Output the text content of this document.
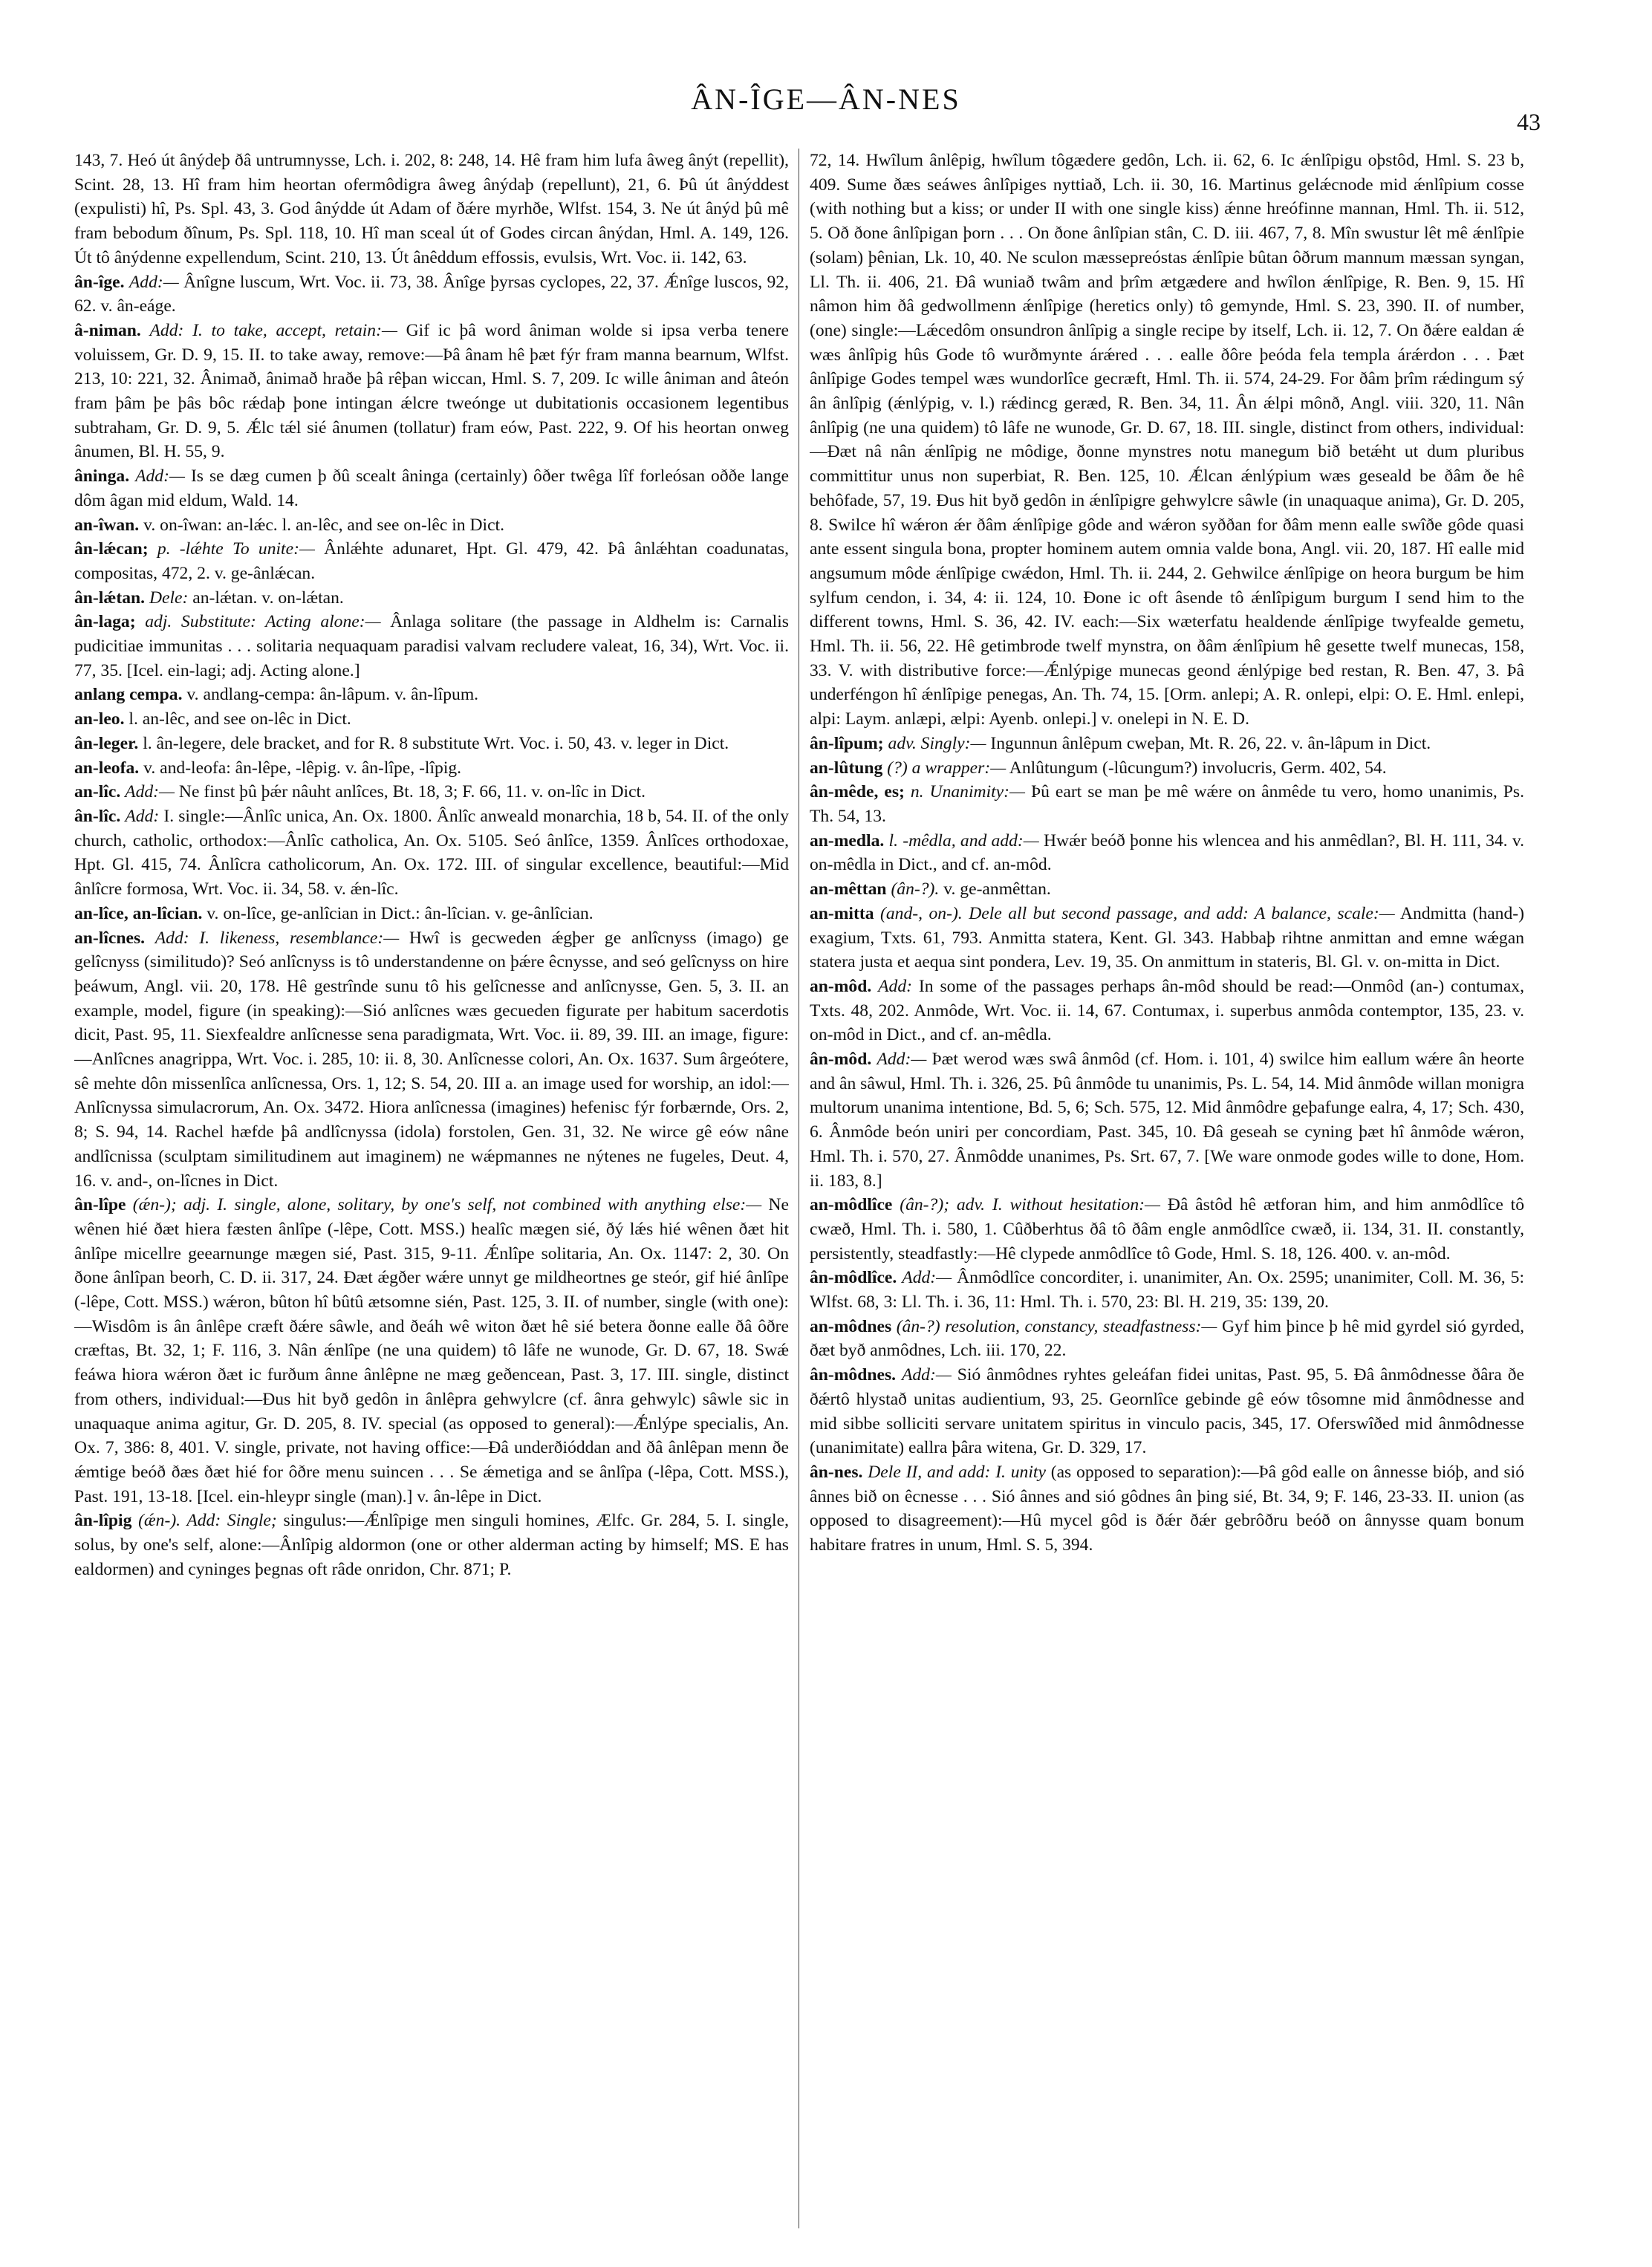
ÂN-ÎGE—ÂN-NES
43

143, 7. Heó út ânýdeþ ðâ untrumnysse, Lch. i. 202, 8: 248, 14. Hê fram him lufa âweg ânýt (repellit), Scint. 28, 13. Hî fram him heortan ofermôdigra âweg ânýdaþ (repellunt), 21, 6. Þû út ânýddest (expulisti) hî, Ps. Spl. 43, 3. God ânýdde út Adam of ðǽre myrhðe, Wlfst. 154, 3. Ne út ânýd þû mê fram bebodum ðînum, Ps. Spl. 118, 10. Hî man sceal út of Godes circan ânýdan, Hml. A. 149, 126. Út tô ânýdenne expellendum, Scint. 210, 13. Út ânêddum effossis, evulsis, Wrt. Voc. ii. 142, 63.

ân-îge. Add:— Ânîgne luscum, Wrt. Voc. ii. 73, 38. Ânîge þyrsas cyclopes, 22, 37. Ǽnîge luscos, 92, 62. v. ân-eáge.

â-niman. Add: I. to take, accept, retain:— Gif ic þâ word âniman wolde si ipsa verba tenere voluissem, Gr. D. 9, 15. II. to take away, remove:—Þâ ânam hê þæt fýr fram manna bearnum, Wlfst. 213, 10: 221, 32. Ânimað, ânimað hraðe þâ rêþan wiccan, Hml. S. 7, 209. Ic wille âniman and âteón fram þâm þe þâs bôc rǽdaþ þone intingan ǽlcre tweónge ut dubitationis occasionem legentibus subtraham, Gr. D. 9, 5. Ǽlc tǽl sié ânumen (tollatur) fram eów, Past. 222, 9. Of his heortan onweg ânumen, Bl. H. 55, 9.

âninga. Add:— Is se dæg cumen þ ðû scealt âninga (certainly) ôðer twêga lîf forleósan oððe lange dôm âgan mid eldum, Wald. 14.

an-îwan. v. on-îwan: an-lǽc. l. an-lêc, and see on-lêc in Dict.

ân-lǽcan; p. -lǽhte To unite:— Ânlǽhte adunaret, Hpt. Gl. 479, 42. Þâ ânlǽhtan coadunatas, compositas, 472, 2. v. ge-ânlǽcan.

ân-lǽtan. Dele: an-lǽtan. v. on-lǽtan.

ân-laga; adj. Substitute: Acting alone:— Ânlaga solitare (the passage in Aldhelm is: Carnalis pudicitiae immunitas . . . solitaria nequaquam paradisi valvam recludere valeat, 16, 34), Wrt. Voc. ii. 77, 35. [Icel. ein-lagi; adj. Acting alone.]

anlang cempa. v. andlang-cempa: ân-lâpum. v. ân-lîpum.

an-leo. l. an-lêc, and see on-lêc in Dict.

ân-leger. l. ân-legere, dele bracket, and for R. 8 substitute Wrt. Voc. i. 50, 43. v. leger in Dict.

an-leofa. v. and-leofa: ân-lêpe, -lêpig. v. ân-lîpe, -lîpig.

an-lîc. Add:— Ne finst þû þǽr nâuht anlîces, Bt. 18, 3; F. 66, 11. v. on-lîc in Dict.

ân-lîc. Add: I. single:—Ânlîc unica, An. Ox. 1800. Ânlîc anweald monarchia, 18 b, 54. II. of the only church, catholic, orthodox:—Ânlîc catholica, An. Ox. 5105. Seó ânlîce, 1359. Ânlîces orthodoxae, Hpt. Gl. 415, 74. Ânlîcra catholicorum, An. Ox. 172. III. of singular excellence, beautiful:—Mid ânlîcre formosa, Wrt. Voc. ii. 34, 58. v. ǽn-lîc.

an-lîce, an-lîcian. v. on-lîce, ge-anlîcian in Dict.: ân-lîcian. v. ge-ânlîcian.

an-lîcnes. Add: I. likeness, resemblance:— Hwî is gecweden ǽgþer ge anlîcnyss (imago) ge gelîcnyss (similitudo)? Seó anlîcnyss is tô understandenne on þǽre êcnysse, and seó gelîcnyss on hire þeáwum, Angl. vii. 20, 178. Hê gestrînde sunu tô his gelîcnesse and anlîcnysse, Gen. 5, 3. II. an example, model, figure (in speaking):—Sió anlîcnes wæs gecueden figurate per habitum sacerdotis dicit, Past. 95, 11. Siexfealdre anlîcnesse sena paradigmata, Wrt. Voc. ii. 89, 39. III. an image, figure:—Anlîcnes anagrippa, Wrt. Voc. i. 285, 10: ii. 8, 30. Anlîcnesse colori, An. Ox. 1637. Sum ârgeótere, sê mehte dôn missenlîca anlîcnessa, Ors. 1, 12; S. 54, 20. III a. an image used for worship, an idol:—Anlîcnyssa simulacrorum, An. Ox. 3472. Hiora anlîcnessa (imagines) hefenisc fýr forbærnde, Ors. 2, 8; S. 94, 14. Rachel hæfde þâ andlîcnyssa (idola) forstolen, Gen. 31, 32. Ne wirce gê eów nâne andlîcnissa (sculptam similitudinem aut imaginem) ne wǽpmannes ne nýtenes ne fugeles, Deut. 4, 16. v. and-, on-lîcnes in Dict.

ân-lîpe (ǽn-); adj. I. single, alone, solitary, by one's self, not combined with anything else:— Ne wênen hié ðæt hiera fæsten ânlîpe (-lêpe, Cott. MSS.) healîc mægen sié, ðý lǽs hié wênen ðæt hit ânlîpe micellre geearnunge mægen sié, Past. 315, 9-11. Ǽnlîpe solitaria, An. Ox. 1147: 2, 30. On ðone ânlîpan beorh, C. D. ii. 317, 24. Ðæt ǽgðer wǽre unnyt ge mildheortnes ge steór, gif hié ânlîpe (-lêpe, Cott. MSS.) wǽron, bûton hî bûtû ætsomne sién, Past. 125, 3. II. of number, single (with one):—Wisdôm is ân ânlêpe cræft ðǽre sâwle, and ðeáh wê witon ðæt hê sié betera ðonne ealle ðâ ôðre cræftas, Bt. 32, 1; F. 116, 3. Nân ǽnlîpe (ne una quidem) tô lâfe ne wunode, Gr. D. 67, 18. Swǽ feáwa hiora wǽron ðæt ic furðum ânne ânlêpne ne mæg geðencean, Past. 3, 17. III. single, distinct from others, individual:—Ðus hit byð gedôn in ânlêpra gehwylcre (cf. ânra gehwylc) sâwle sic in unaquaque anima agitur, Gr. D. 205, 8. IV. special (as opposed to general):—Ǽnlýpe specialis, An. Ox. 7, 386: 8, 401. V. single, private, not having office:—Ðâ underðióddan and ðâ ânlêpan menn ðe ǽmtige beóð ðæs ðæt hié for ôðre menu suincen . . . Se ǽmetiga and se ânlîpa (-lêpa, Cott. MSS.), Past. 191, 13-18. [Icel. ein-hleypr single (man).] v. ân-lêpe in Dict.

ân-lîpig (ǽn-). Add: Single; singulus:—Ǽnlîpige men singuli homines, Ælfc. Gr. 284, 5. I. single, solus, by one's self, alone:—Ânlîpig aldormon (one or other alderman acting by himself; MS. E has ealdormen) and cyninges þegnas oft râde onridon, Chr. 871; P.

72, 14. Hwîlum ânlêpig, hwîlum tôgædere gedôn, Lch. ii. 62, 6. Ic ǽnlîpigu oþstôd, Hml. S. 23 b, 409. Sume ðæs seáwes ânlîpiges nyttiað, Lch. ii. 30, 16. Martinus gelǽcnode mid ǽnlîpium cosse (with nothing but a kiss; or under II with one single kiss) ǽnne hreófinne mannan, Hml. Th. ii. 512, 5. Oð ðone ânlîpigan þorn . . . On ðone ânlîpian stân, C. D. iii. 467, 7, 8. Mîn swustur lêt mê ǽnlîpie (solam) þênian, Lk. 10, 40. Ne sculon mæssepreóstas ǽnlîpie bûtan ôðrum mannum mæssan syngan, Ll. Th. ii. 406, 21. Ðâ wuniað twâm and þrîm ætgædere and hwîlon ǽnlîpige, R. Ben. 9, 15. Hî nâmon him ðâ gedwollmenn ǽnlîpige (heretics only) tô gemynde, Hml. S. 23, 390. II. of number, (one) single:—Lǽcedôm onsundron ânlîpig a single recipe by itself, Lch. ii. 12, 7. On ðǽre ealdan ǽ wæs ânlîpig hûs Gode tô wurðmynte árǽred . . . ealle ðôre þeóda fela templa árǽrdon . . . Þæt ânlîpige Godes tempel wæs wundorlîce gecræft, Hml. Th. ii. 574, 24-29. For ðâm þrîm rǽdingum sý ân ânlîpig (ǽnlýpig, v. l.) rǽdincg geræd, R. Ben. 34, 11. Ân ǽlpi mônð, Angl. viii. 320, 11. Nân ânlîpig (ne una quidem) tô lâfe ne wunode, Gr. D. 67, 18. III. single, distinct from others, individual:—Ðæt nâ nân ǽnlîpig ne môdige, ðonne mynstres notu manegum bið betǽht ut dum pluribus committitur unus non superbiat, R. Ben. 125, 10. Ǽlcan ǽnlýpium wæs geseald be ðâm ðe hê behôfade, 57, 19. Ðus hit byð gedôn in ǽnlîpigre gehwylcre sâwle (in unaquaque anima), Gr. D. 205, 8. Swilce hî wǽron ǽr ðâm ǽnlîpige gôde and wǽron syððan for ðâm menn ealle swîðe gôde quasi ante essent singula bona, propter hominem autem omnia valde bona, Angl. vii. 20, 187. Hî ealle mid angsumum môde ǽnlîpige cwǽdon, Hml. Th. ii. 244, 2. Gehwilce ǽnlîpige on heora burgum be him sylfum cendon, i. 34, 4: ii. 124, 10. Ðone ic oft âsende tô ǽnlîpigum burgum I send him to the different towns, Hml. S. 36, 42. IV. each:—Six wæterfatu healdende ǽnlîpige twyfealde gemetu, Hml. Th. ii. 56, 22. Hê getimbrode twelf mynstra, on ðâm ǽnlîpium hê gesette twelf munecas, 158, 33. V. with distributive force:—Ǽnlýpige munecas geond ǽnlýpige bed restan, R. Ben. 47, 3. Þâ underféngon hî ǽnlîpige penegas, An. Th. 74, 15. [Orm. anlepi; A. R. onlepi, elpi: O. E. Hml. enlepi, alpi: Laym. anlæpi, ælpi: Ayenb. onlepi.] v. onelepi in N. E. D.

ân-lîpum; adv. Singly:— Ingunnun ânlêpum cweþan, Mt. R. 26, 22. v. ân-lâpum in Dict.

an-lûtung (?) a wrapper:— Anlûtungum (-lûcungum?) involucris, Germ. 402, 54.

ân-mêde, es; n. Unanimity:— Þû eart se man þe mê wǽre on ânmêde tu vero, homo unanimis, Ps. Th. 54, 13.

an-medla. l. -mêdla, and add:— Hwǽr beóð þonne his wlencea and his anmêdlan?, Bl. H. 111, 34. v. on-mêdla in Dict., and cf. an-môd.

an-mêttan (ân-?). v. ge-anmêttan.

an-mitta (and-, on-). Dele all but second passage, and add: A balance, scale:— Andmitta (hand-) exagium, Txts. 61, 793. Anmitta statera, Kent. Gl. 343. Habbaþ rihtne anmittan and emne wǽgan statera justa et aequa sint pondera, Lev. 19, 35. On anmittum in stateris, Bl. Gl. v. on-mitta in Dict.

an-môd. Add: In some of the passages perhaps ân-môd should be read:—Onmôd (an-) contumax, Txts. 48, 202. Anmôde, Wrt. Voc. ii. 14, 67. Contumax, i. superbus anmôda contemptor, 135, 23. v. on-môd in Dict., and cf. an-mêdla.

ân-môd. Add:— Þæt werod wæs swâ ânmôd (cf. Hom. i. 101, 4) swilce him eallum wǽre ân heorte and ân sâwul, Hml. Th. i. 326, 25. Þû ânmôde tu unanimis, Ps. L. 54, 14. Mid ânmôde willan monigra multorum unanima intentione, Bd. 5, 6; Sch. 575, 12. Mid ânmôdre geþafunge ealra, 4, 17; Sch. 430, 6. Ânmôde beón uniri per concordiam, Past. 345, 10. Ðâ geseah se cyning þæt hî ânmôde wǽron, Hml. Th. i. 570, 27. Ânmôdde unanimes, Ps. Srt. 67, 7. [We ware onmode godes wille to done, Hom. ii. 183, 8.]

an-môdlîce (ân-?); adv. I. without hesitation:— Ðâ âstôd hê ætforan him, and him anmôdlîce tô cwæð, Hml. Th. i. 580, 1. Cûðberhtus ðâ tô ðâm engle anmôdlîce cwæð, ii. 134, 31. II. constantly, persistently, steadfastly:—Hê clypede anmôdlîce tô Gode, Hml. S. 18, 126. 400. v. an-môd.

ân-môdlîce. Add:— Ânmôdlîce concorditer, i. unanimiter, An. Ox. 2595; unanimiter, Coll. M. 36, 5: Wlfst. 68, 3: Ll. Th. i. 36, 11: Hml. Th. i. 570, 23: Bl. H. 219, 35: 139, 20.

an-môdnes (ân-?) resolution, constancy, steadfastness:— Gyf him þince þ hê mid gyrdel sió gyrded, ðæt byð anmôdnes, Lch. iii. 170, 22.

ân-môdnes. Add:— Sió ânmôdnes ryhtes geleáfan fidei unitas, Past. 95, 5. Ðâ ânmôdnesse ðâra ðe ðǽrtô hlystað unitas audientium, 93, 25. Geornlîce gebinde gê eów tôsomne mid ânmôdnesse and mid sibbe solliciti servare unitatem spiritus in vinculo pacis, 345, 17. Oferswîðed mid ânmôdnesse (unanimitate) eallra þâra witena, Gr. D. 329, 17.

ân-nes. Dele II, and add: I. unity (as opposed to separation):—Þâ gôd ealle on ânnesse bióþ, and sió ânnes bið on êcnesse . . . Sió ânnes and sió gôdnes ân þing sié, Bt. 34, 9; F. 146, 23-33. II. union (as opposed to disagreement):—Hû mycel gôd is ðǽr ðǽr gebrôðru beóð on ânnysse quam bonum habitare fratres in unum, Hml. S. 5, 394.
